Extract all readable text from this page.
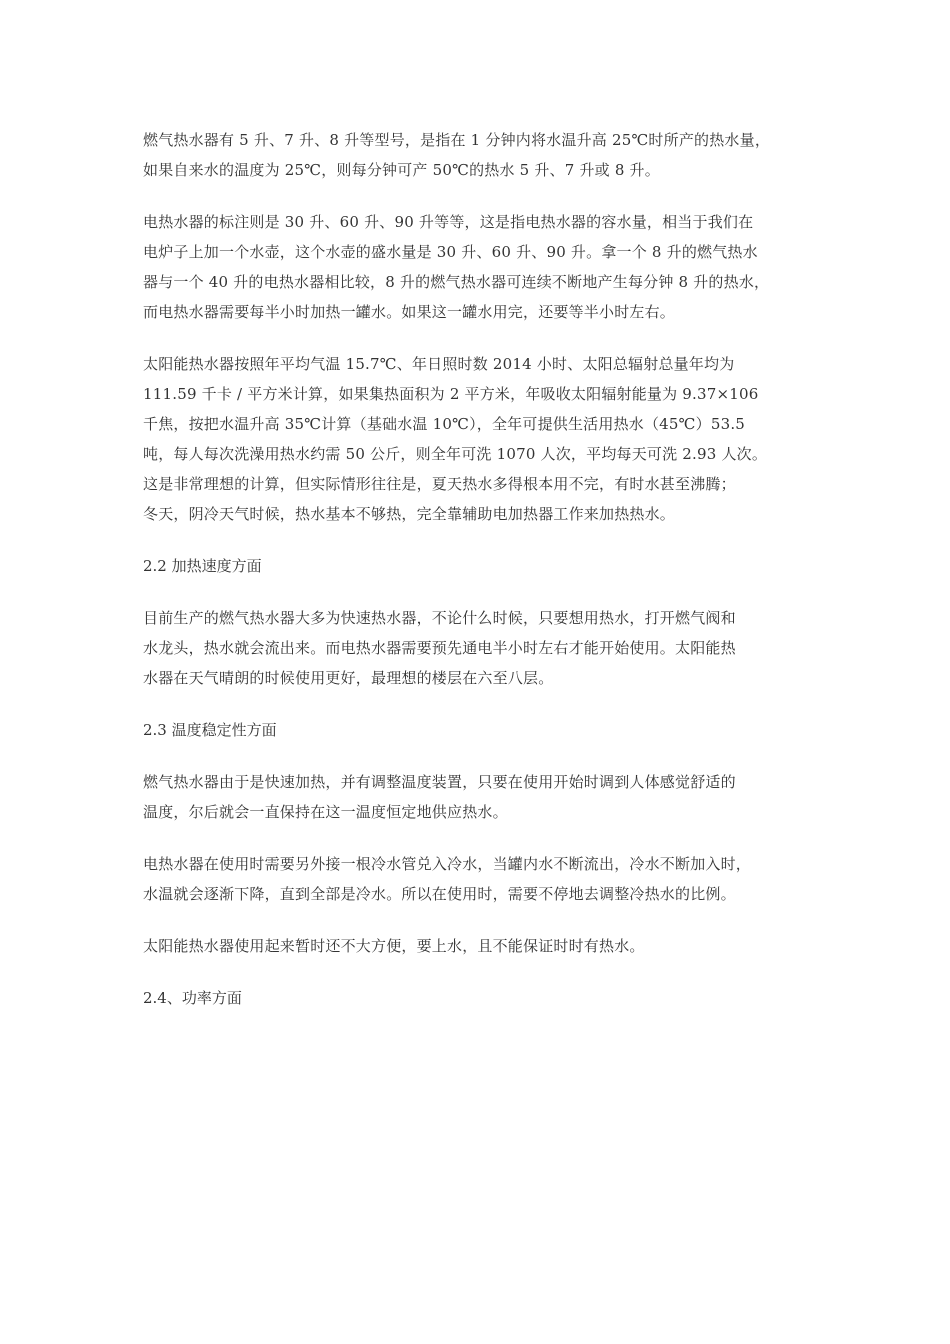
燃气热水器有 5 升、7 升、8 升等型号，是指在 1 分钟内将水温升高 25℃时所产的热水量，
如果自来水的温度为 25℃，则每分钟可产 50℃的热水 5 升、7 升或 8 升。
电热水器的标注则是 30 升、60 升、90 升等等，这是指电热水器的容水量，相当于我们在
电炉子上加一个水壶，这个水壶的盛水量是 30 升、60 升、90 升。拿一个 8 升的燃气热水
器与一个 40 升的电热水器相比较，8 升的燃气热水器可连续不断地产生每分钟 8 升的热水，
而电热水器需要每半小时加热一罐水。如果这一罐水用完，还要等半小时左右。
太阳能热水器按照年平均气温 15.7℃、年日照时数 2014 小时、太阳总辐射总量年均为
111.59 千卡 / 平方米计算，如果集热面积为 2 平方米，年吸收太阳辐射能量为 9.37×106
千焦，按把水温升高 35℃计算（基础水温 10℃），全年可提供生活用热水（45℃）53.5
吨，每人每次洗澡用热水约需 50 公斤，则全年可洗 1070 人次，平均每天可洗 2.93 人次。
这是非常理想的计算，但实际情形往往是，夏天热水多得根本用不完，有时水甚至沸腾；
冬天，阴冷天气时候，热水基本不够热，完全靠辅助电加热器工作来加热热水。
2.2 加热速度方面
目前生产的燃气热水器大多为快速热水器，不论什么时候，只要想用热水，打开燃气阀和
水龙头，热水就会流出来。而电热水器需要预先通电半小时左右才能开始使用。太阳能热
水器在天气晴朗的时候使用更好，最理想的楼层在六至八层。
2.3 温度稳定性方面
燃气热水器由于是快速加热，并有调整温度装置，只要在使用开始时调到人体感觉舒适的
温度，尔后就会一直保持在这一温度恒定地供应热水。
电热水器在使用时需要另外接一根冷水管兑入冷水，当罐内水不断流出，冷水不断加入时，
水温就会逐渐下降，直到全部是冷水。所以在使用时，需要不停地去调整冷热水的比例。
太阳能热水器使用起来暂时还不大方便，要上水，且不能保证时时有热水。
2.4、功率方面
